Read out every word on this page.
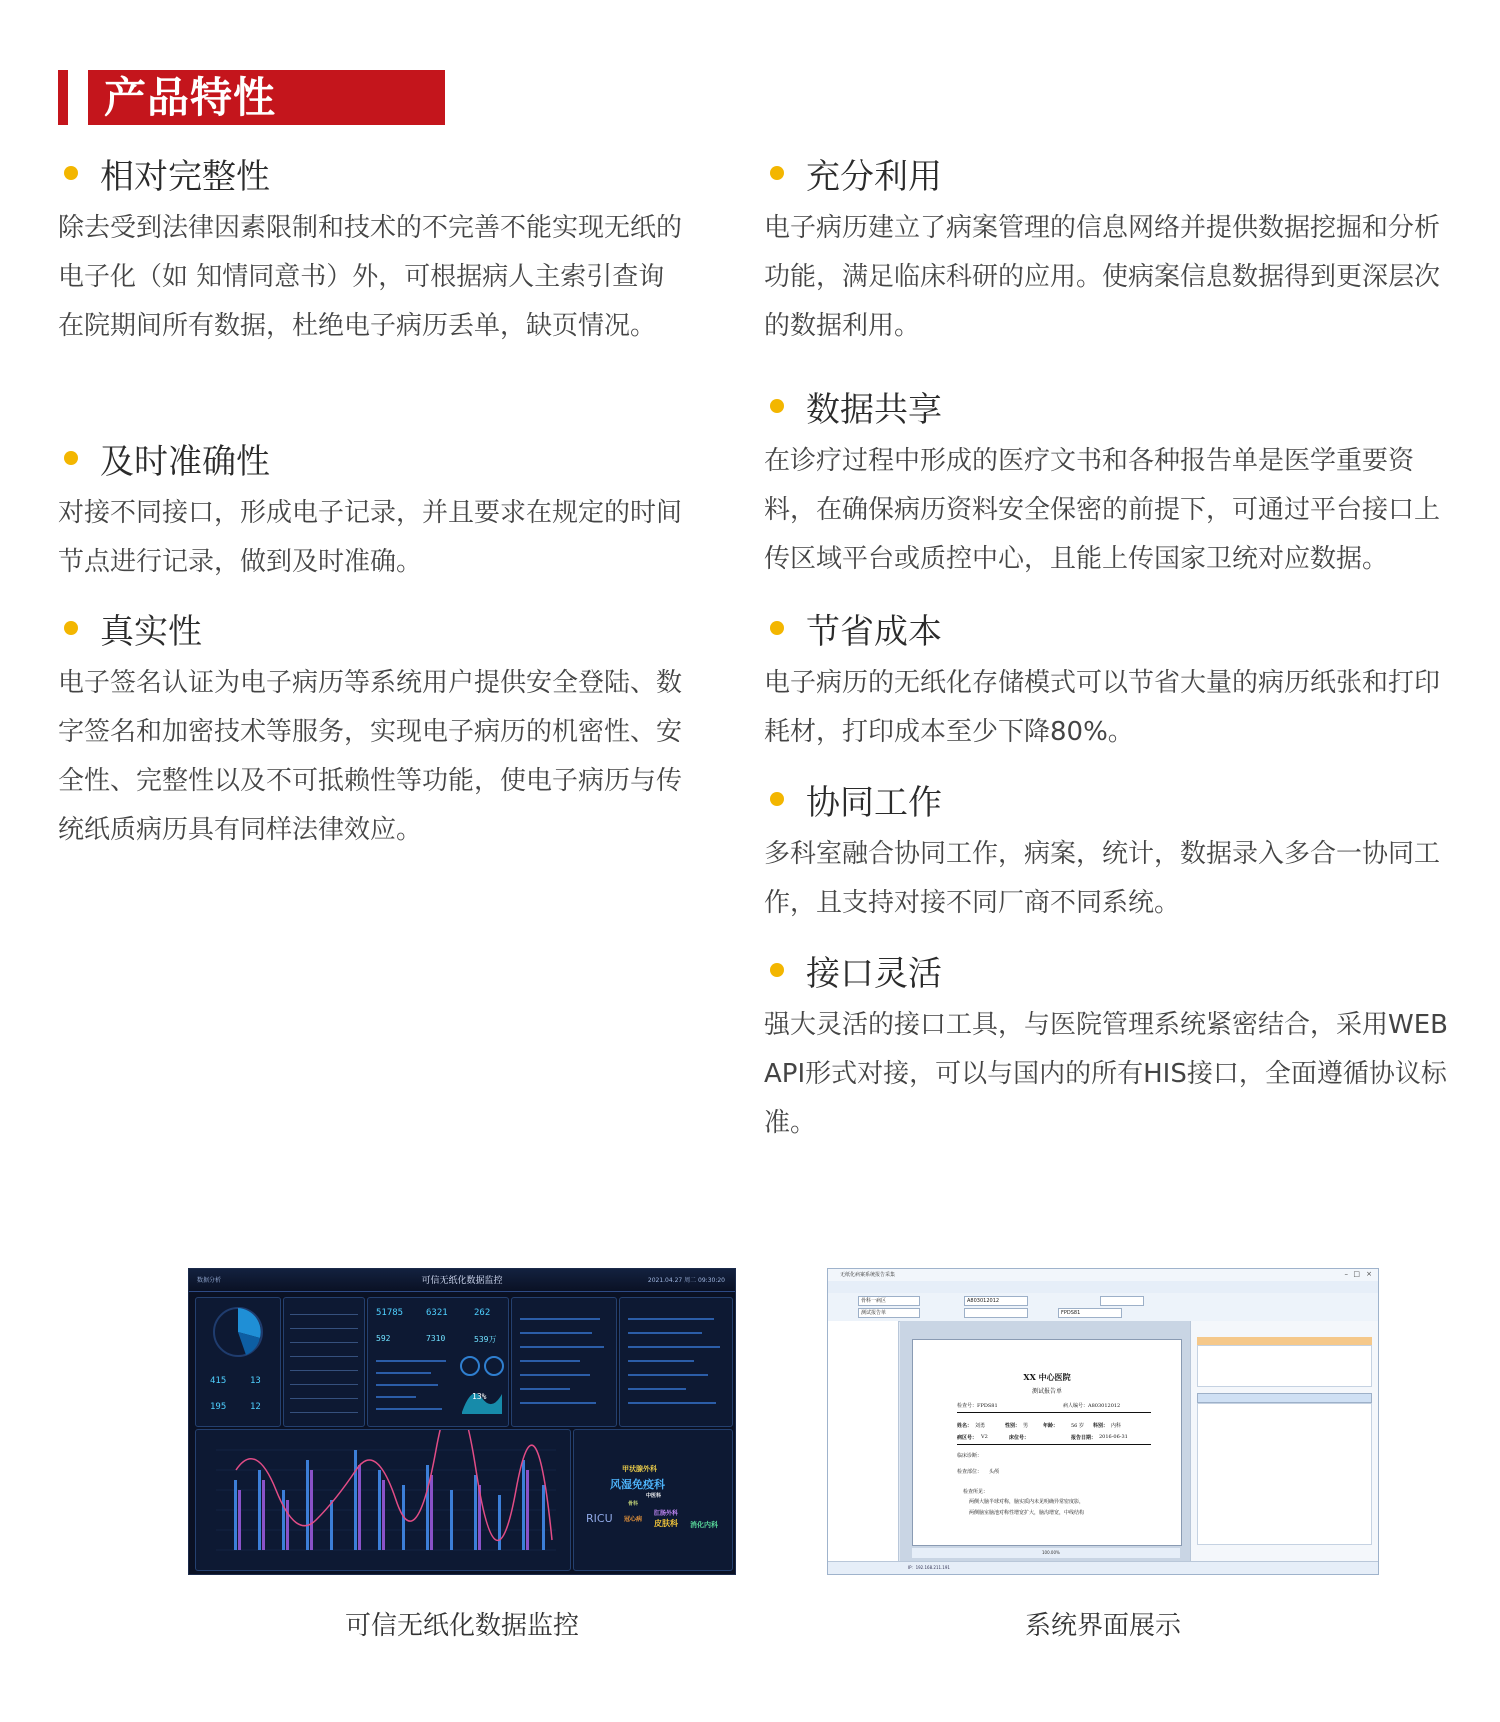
产品特性
相对完整性
除去受到法律因素限制和技术的不完善不能实现无纸的电子化（如 知情同意书）外，可根据病人主索引查询在院期间所有数据，杜绝电子病历丢单，缺页情况。
及时准确性
对接不同接口，形成电子记录，并且要求在规定的时间节点进行记录，做到及时准确。
真实性
电子签名认证为电子病历等系统用户提供安全登陆、数字签名和加密技术等服务，实现电子病历的机密性、安全性、完整性以及不可抵赖性等功能，使电子病历与传统纸质病历具有同样法律效应。
充分利用
电子病历建立了病案管理的信息网络并提供数据挖掘和分析功能，满足临床科研的应用。使病案信息数据得到更深层次的数据利用。
数据共享
在诊疗过程中形成的医疗文书和各种报告单是医学重要资料，在确保病历资料安全保密的前提下，可通过平台接口上传区域平台或质控中心，且能上传国家卫统对应数据。
节省成本
电子病历的无纸化存储模式可以节省大量的病历纸张和打印耗材，打印成本至少下降80%。
协同工作
多科室融合协同工作，病案，统计，数据录入多合一协同工作，且支持对接不同厂商不同系统。
接口灵活
强大灵活的接口工具，与医院管理系统紧密结合，采用WEB API形式对接，可以与国内的所有HIS接口，全面遵循协议标准。
数据分析	可信无纸化数据监控	2021.04.27 周二 09:30:20
415	13
195	12
51785	6321	262
592	7310	539万
13%
甲状腺外科
风湿免疫科
中医科
骨科
RICU 冠心病
肛肠外科
皮肤科 消化内科
无纸化病案系统报告采集	– □ ×
骨科一病区
测试报告单
A803012012
FPDS81
XX 中心医院
测试报告单
检查号：FPDS81	病人编号：A803012012
姓名： 刘勇	性别： 男	年龄：	56 岁 科别： 内科
病区号： V2	床位号：	报告日期： 2016-06-31
临床诊断：
检查部位： 头颅
检查所见：
两侧大脑半球对称，脑实质内未见明确异常密度影，
两侧脑室脑池对称性增宽扩大，脑沟增宽，中线结构
100.00%
IP：192.168.211.191
可信无纸化数据监控	系统界面展示
